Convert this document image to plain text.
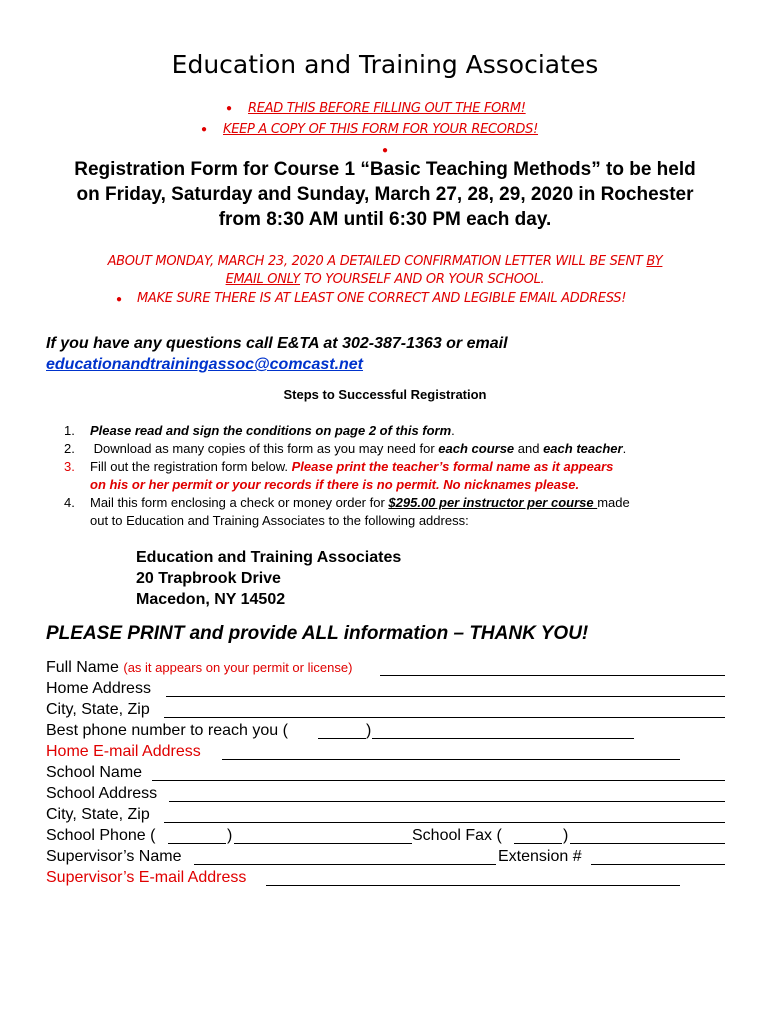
Education and Training Associates
● READ THIS BEFORE FILLING OUT THE FORM!
● KEEP A COPY OF THIS FORM FOR YOUR RECORDS!
●
Registration Form for Course 1 “Basic Teaching Methods” to be held
on Friday, Saturday and Sunday, March 27, 28, 29, 2020 in Rochester
from 8:30 AM until 6:30 PM each day.
ABOUT MONDAY, MARCH 23, 2020 A DETAILED CONFIRMATION LETTER WILL BE SENT BY
EMAIL ONLY TO YOURSELF AND OR YOUR SCHOOL.
● MAKE SURE THERE IS AT LEAST ONE CORRECT AND LEGIBLE EMAIL ADDRESS!
If you have any questions call E&TA at 302-387-1363 or email
educationandtrainingassoc@comcast.net
Steps to Successful Registration
1. Please read and sign the conditions on page 2 of this form.
2. Download as many copies of this form as you may need for each course and each teacher.
3. Fill out the registration form below. Please print the teacher’s formal name as it appears
on his or her permit or your records if there is no permit. No nicknames please.
4. Mail this form enclosing a check or money order for $295.00 per instructor per course made
out to Education and Training Associates to the following address:
Education and Training Associates
20 Trapbrook Drive
Macedon, NY 14502
PLEASE PRINT and provide ALL information – THANK YOU!
Full Name (as it appears on your permit or license)
Home Address
City, State, Zip
Best phone number to reach you (	)
Home E-mail Address
School Name
School Address
City, State, Zip
School Phone (	)	School Fax (	)
Supervisor’s Name	Extension #
Supervisor’s E-mail Address
